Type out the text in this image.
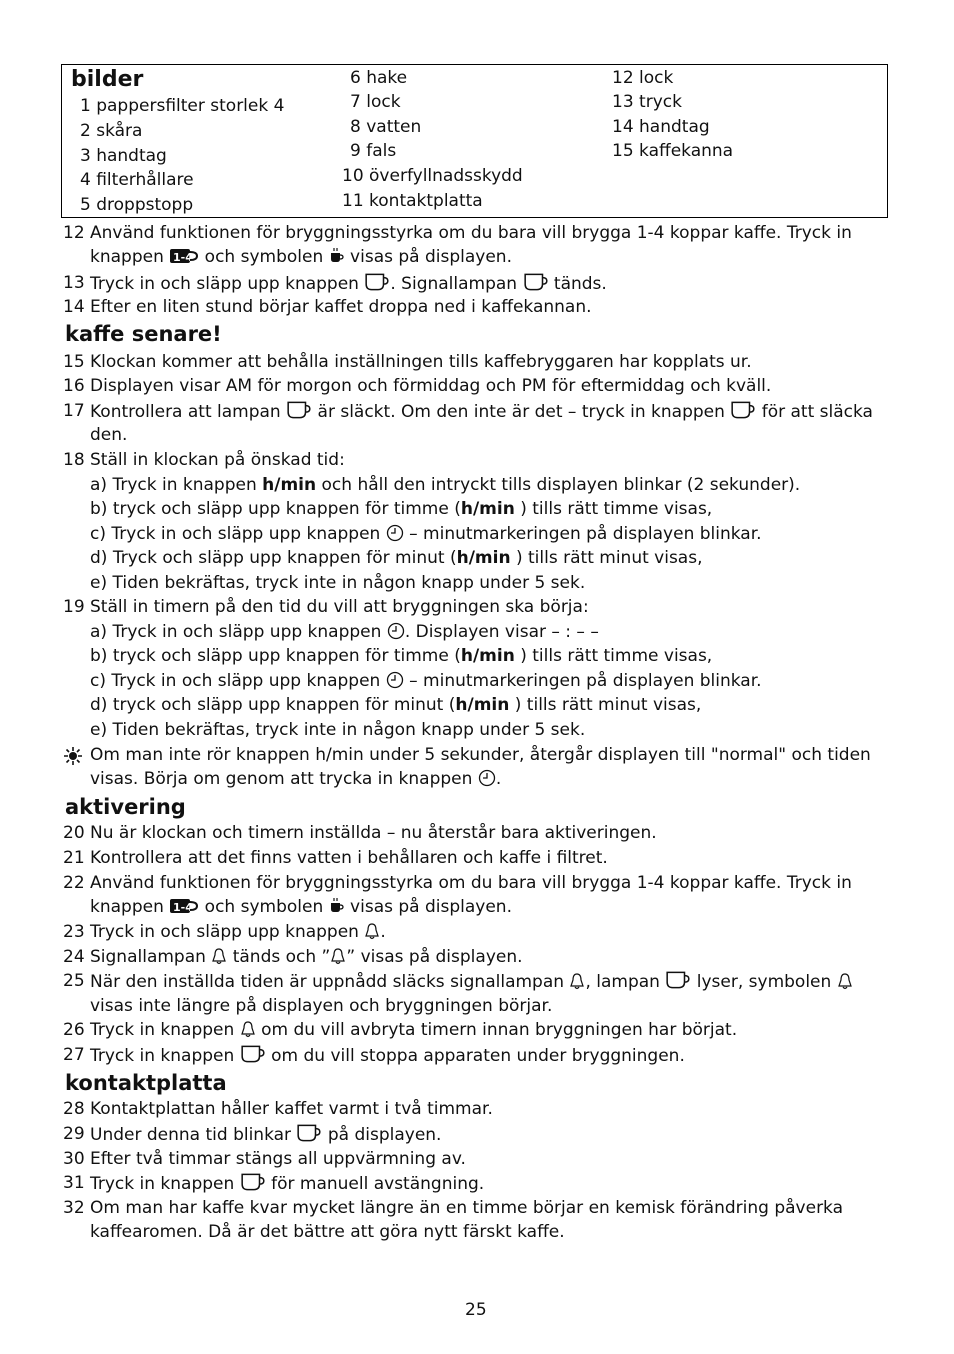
bilder
1 pappersfilter storlek 4
2 skåra
3 handtag
4 filterhållare
5 droppstopp
6 hake
7 lock
8 vatten
9 fals
10 överfyllnadsskydd
11 kontaktplatta
12 lock
13 tryck
14 handtag
15 kaffekanna
12 Använd funktionen för bryggningsstyrka om du bara vill brygga 1-4 koppar kaffe. Tryck in
knappen och symbolen visas på displayen.
13 Tryck in och släpp upp knappen . Signallampan tänds.
14 Efter en liten stund börjar kaffet droppa ned i kaffekannan.
kaffe senare!
15 Klockan kommer att behålla inställningen tills kaffebryggaren har kopplats ur.
16 Displayen visar AM för morgon och förmiddag och PM för eftermiddag och kväll.
17 Kontrollera att lampan är släckt. Om den inte är det – tryck in knappen för att släcka
den.
18 Ställ in klockan på önskad tid:
a) Tryck in knappen h/min och håll den intryckt tills displayen blinkar (2 sekunder).
b) tryck och släpp upp knappen för timme (h/min ) tills rätt timme visas,
c) Tryck in och släpp upp knappen – minutmarkeringen på displayen blinkar.
d) Tryck och släpp upp knappen för minut (h/min ) tills rätt minut visas,
e) Tiden bekräftas, tryck inte in någon knapp under 5 sek.
19 Ställ in timern på den tid du vill att bryggningen ska börja:
a) Tryck in och släpp upp knappen . Displayen visar – : – –
b) tryck och släpp upp knappen för timme (h/min ) tills rätt timme visas,
c) Tryck in och släpp upp knappen – minutmarkeringen på displayen blinkar.
d) tryck och släpp upp knappen för minut (h/min ) tills rätt minut visas,
e) Tiden bekräftas, tryck inte in någon knapp under 5 sek.
Om man inte rör knappen h/min under 5 sekunder, återgår displayen till "normal" och tiden
visas. Börja om genom att trycka in knappen .
aktivering
20 Nu är klockan och timern inställda – nu återstår bara aktiveringen.
21 Kontrollera att det finns vatten i behållaren och kaffe i filtret.
22 Använd funktionen för bryggningsstyrka om du bara vill brygga 1-4 koppar kaffe. Tryck in
knappen och symbolen visas på displayen.
23 Tryck in och släpp upp knappen .
24 Signallampan tänds och ” ” visas på displayen.
25 När den inställda tiden är uppnådd släcks signallampan , lampan lyser, symbolen
visas inte längre på displayen och bryggningen börjar.
26 Tryck in knappen om du vill avbryta timern innan bryggningen har börjat.
27 Tryck in knappen om du vill stoppa apparaten under bryggningen.
kontaktplatta
28 Kontaktplattan håller kaffet varmt i två timmar.
29 Under denna tid blinkar på displayen.
30 Efter två timmar stängs all uppvärmning av.
31 Tryck in knappen för manuell avstängning.
32 Om man har kaffe kvar mycket längre än en timme börjar en kemisk förändring påverka
kaffearomen. Då är det bättre att göra nytt färskt kaffe.
25
